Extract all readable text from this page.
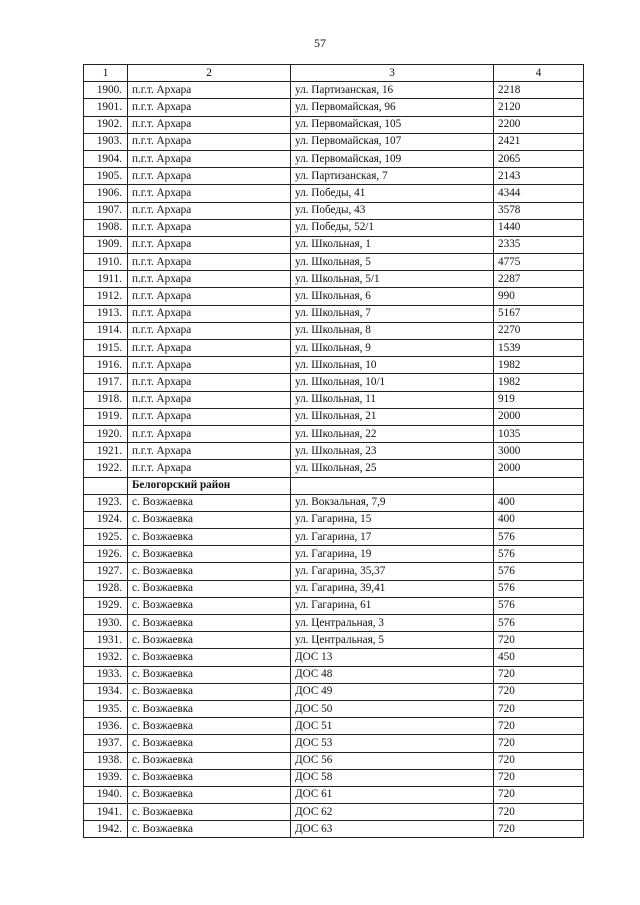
57
1	2	3	4
1900.	п.г.т. Архара	ул. Партизанская, 16	2218
1901.	п.г.т. Архара	ул. Первомайская, 96	2120
1902.	п.г.т. Архара	ул. Первомайская, 105	2200
1903.	п.г.т. Архара	ул. Первомайская, 107	2421
1904.	п.г.т. Архара	ул. Первомайская, 109	2065
1905.	п.г.т. Архара	ул. Партизанская, 7	2143
1906.	п.г.т. Архара	ул. Победы, 41	4344
1907.	п.г.т. Архара	ул. Победы, 43	3578
1908.	п.г.т. Архара	ул. Победы, 52/1	1440
1909.	п.г.т. Архара	ул. Школьная, 1	2335
1910.	п.г.т. Архара	ул. Школьная, 5	4775
1911.	п.г.т. Архара	ул. Школьная, 5/1	2287
1912.	п.г.т. Архара	ул. Школьная, 6	990
1913.	п.г.т. Архара	ул. Школьная, 7	5167
1914.	п.г.т. Архара	ул. Школьная, 8	2270
1915.	п.г.т. Архара	ул. Школьная, 9	1539
1916.	п.г.т. Архара	ул. Школьная, 10	1982
1917.	п.г.т. Архара	ул. Школьная, 10/1	1982
1918.	п.г.т. Архара	ул. Школьная, 11	919
1919.	п.г.т. Архара	ул. Школьная, 21	2000
1920.	п.г.т. Архара	ул. Школьная, 22	1035
1921.	п.г.т. Архара	ул. Школьная, 23	3000
1922.	п.г.т. Архара	ул. Школьная, 25	2000
	Белогорский район		
1923.	с. Возжаевка	ул. Вокзальная, 7,9	400
1924.	с. Возжаевка	ул. Гагарина, 15	400
1925.	с. Возжаевка	ул. Гагарина, 17	576
1926.	с. Возжаевка	ул. Гагарина, 19	576
1927.	с. Возжаевка	ул. Гагарина, 35,37	576
1928.	с. Возжаевка	ул. Гагарина, 39,41	576
1929.	с. Возжаевка	ул. Гагарина, 61	576
1930.	с. Возжаевка	ул. Центральная, 3	576
1931.	с. Возжаевка	ул. Центральная, 5	720
1932.	с. Возжаевка	ДОС 13	450
1933.	с. Возжаевка	ДОС 48	720
1934.	с. Возжаевка	ДОС 49	720
1935.	с. Возжаевка	ДОС 50	720
1936.	с. Возжаевка	ДОС 51	720
1937.	с. Возжаевка	ДОС 53	720
1938.	с. Возжаевка	ДОС 56	720
1939.	с. Возжаевка	ДОС 58	720
1940.	с. Возжаевка	ДОС 61	720
1941.	с. Возжаевка	ДОС 62	720
1942.	с. Возжаевка	ДОС 63	720
